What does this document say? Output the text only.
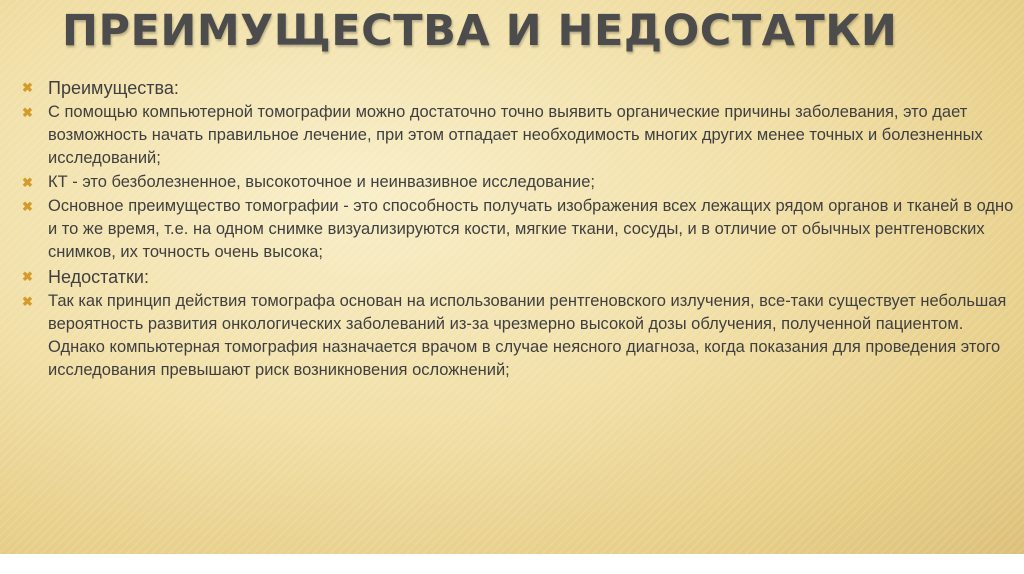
ПРЕИМУЩЕСТВА И НЕДОСТАТКИ
✖ Преимущества:
✖ С помощью компьютерной томографии можно достаточно точно выявить органические причины заболевания, это дает возможность начать правильное лечение, при этом отпадает необходимость многих других менее точных и болезненных исследований;
✖ КТ - это безболезненное, высокоточное и неинвазивное исследование;
✖ Основное преимущество томографии - это способность получать изображения всех лежащих рядом органов и тканей в одно и то же время, т.е. на одном снимке визуализируются кости, мягкие ткани, сосуды, и в отличие от обычных рентгеновских снимков, их точность очень высока;
✖ Недостатки:
✖ Так как принцип действия томографа основан на использовании рентгеновского излучения, все-таки существует небольшая вероятность развития онкологических заболеваний из-за чрезмерно высокой дозы облучения, полученной пациентом. Однако компьютерная томография назначается врачом в случае неясного диагноза, когда показания для проведения этого исследования превышают риск возникновения осложнений;
